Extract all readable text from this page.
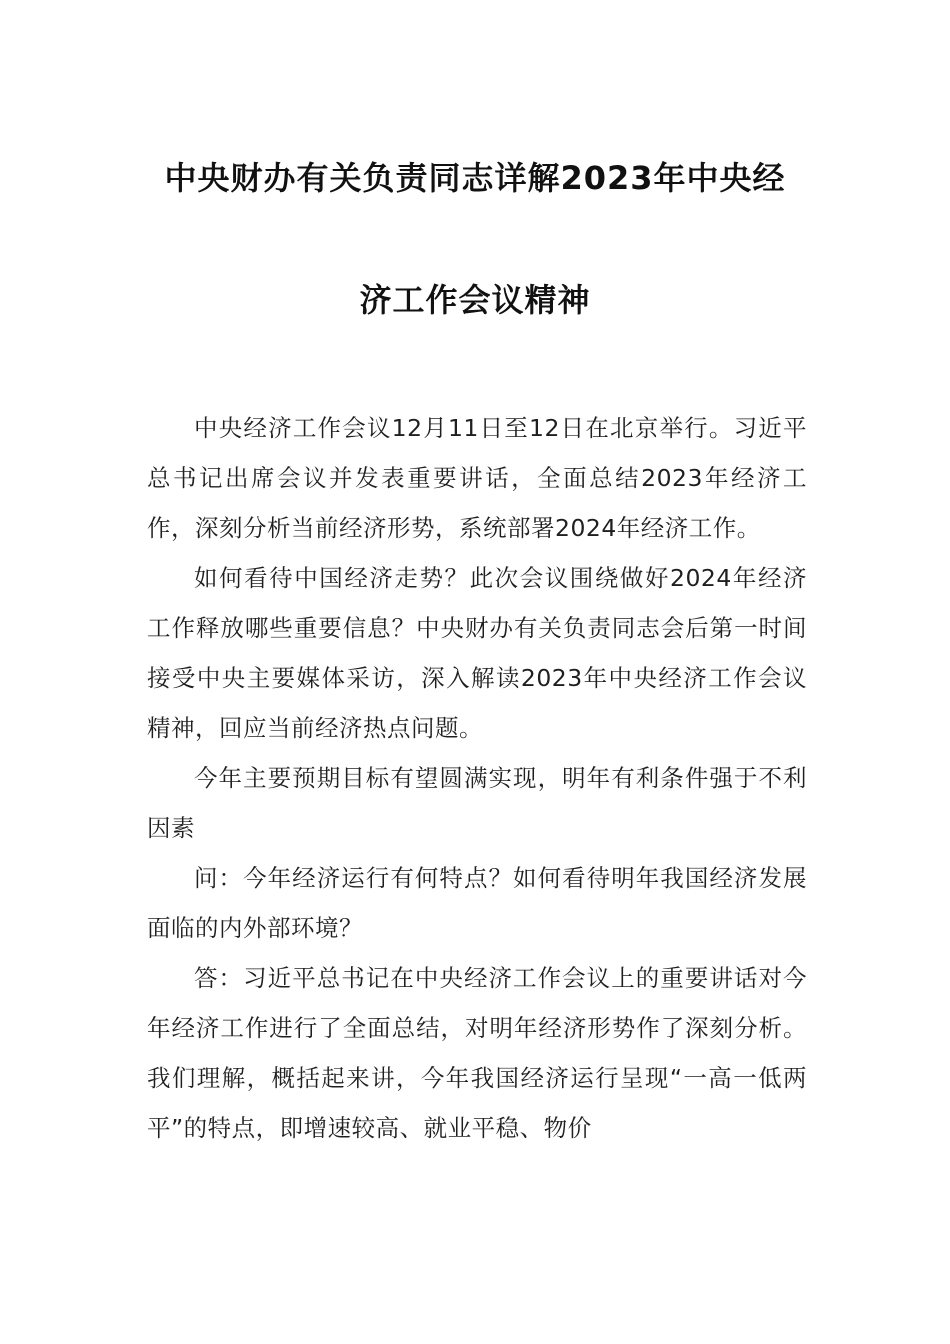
中央财办有关负责同志详解2023年中央经
济工作会议精神

中央经济工作会议12月11日至12日在北京举行。习近平总书记出席会议并发表重要讲话，全面总结2023年经济工作，深刻分析当前经济形势，系统部署2024年经济工作。

如何看待中国经济走势？此次会议围绕做好2024年经济工作释放哪些重要信息？中央财办有关负责同志会后第一时间接受中央主要媒体采访，深入解读2023年中央经济工作会议精神，回应当前经济热点问题。

今年主要预期目标有望圆满实现，明年有利条件强于不利因素

问：今年经济运行有何特点？如何看待明年我国经济发展面临的内外部环境？

答：习近平总书记在中央经济工作会议上的重要讲话对今年经济工作进行了全面总结，对明年经济形势作了深刻分析。我们理解，概括起来讲，今年我国经济运行呈现“一高一低两平”的特点，即增速较高、就业平稳、物价
